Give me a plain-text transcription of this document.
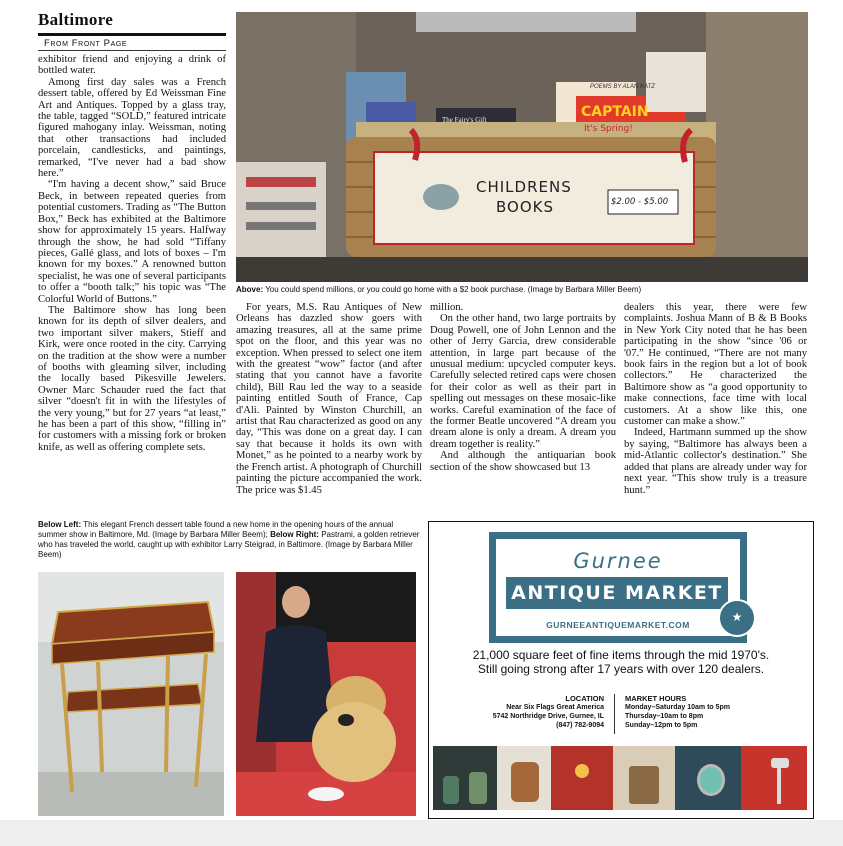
Baltimore
From Front Page

exhibitor friend and enjoying a drink of bottled water.

Among first day sales was a French dessert table, offered by Ed Weissman Fine Art and Antiques. Topped by a glass tray, the table, tagged “SOLD,” featured intricate figured mahogany inlay. Weissman, noting that other transactions had included porcelain, candlesticks, and paintings, remarked, “I've never had a bad show here.”

“I'm having a decent show,” said Bruce Beck, in between repeated queries from potential customers. Trading as “The Button Box,” Beck has exhibited at the Baltimore show for approximately 15 years. Halfway through the show, he had sold “Tiffany pieces, Gallé glass, and lots of boxes – I'm known for my boxes.” A renowned button specialist, he was one of several participants to offer a “booth talk;” his topic was “The Colorful World of Buttons.”

The Baltimore show has long been known for its depth of silver dealers, and two important silver makers, Stieff and Kirk, were once rooted in the city. Carrying on the tradition at the show were a number of booths with gleaming silver, including the locally based Pikesville Jewelers. Owner Marc Schauder rued the fact that silver “doesn't fit in with the lifestyles of the very young,” but for 27 years “at least,” he has been a part of this show, “filling in” for customers with a missing fork or broken knife, as well as offering complete sets.

CHILDRENS
BOOKS	$2.00 - $5.00
CAPTAIN
It's Spring!
The Fairy's Gift
POEMS BY ALAN KATZ
Above: You could spend millions, or you could go home with a $2 book purchase. (Image by Barbara Miller Beem)

For years, M.S. Rau Antiques of New Orleans has dazzled show goers with amazing treasures, all at the same prime spot on the floor, and this year was no exception. When pressed to select one item with the greatest “wow” factor (and after stating that you cannot have a favorite child), Bill Rau led the way to a seaside painting entitled South of France, Cap d'Ali. Painted by Winston Churchill, an artist that Rau characterized as good on any day, “This was done on a great day. I can say that because it holds its own with Monet,” as he pointed to a nearby work by the French artist. A photograph of Churchill painting the picture accompanied the work. The price was $1.45

million.

On the other hand, two large portraits by Doug Powell, one of John Lennon and the other of Jerry Garcia, drew considerable attention, in large part because of the unusual medium: upcycled computer keys. Carefully selected retired caps were chosen for their color as well as their part in spelling out messages on these mosaic-like works. Careful examination of the face of the former Beatle uncovered “A dream you dream alone is only a dream. A dream you dream together is reality.”

And although the antiquarian book section of the show showcased but 13

dealers this year, there were few complaints. Joshua Mann of B & B Books in New York City noted that he has been participating in the show “since '06 or '07.” He continued, “There are not many book fairs in the region but a lot of book collectors.” He characterized the Baltimore show as “a good opportunity to make connections, face time with local customers. At a show like this, one customer can make a show.”

Indeed, Hartmann summed up the show by saying, “Baltimore has always been a mid-Atlantic collector's destination.” She added that plans are already under way for next year. “This show truly is a treasure hunt.”

Below Left: This elegant French dessert table found a new home in the opening hours of the annual summer show in Baltimore, Md. (Image by Barbara Miller Beem); Below Right: Pastrami, a golden retriever who has traveled the world, caught up with exhibitor Larry Steigrad, in Baltimore. (Image by Barbara Miller Beem)	Gurnee
ANTIQUE MARKET
GURNEEANTIQUEMARKET.COM
★
21,000 square feet of fine items through the mid 1970's.
Still going strong after 17 years with over 120 dealers.
LOCATION
Near Six Flags Great America
5742 Northridge Drive, Gurnee, IL
(847) 782-9094
MARKET HOURS
Monday–Saturday 10am to 5pm
Thursday–10am to 8pm
Sunday–12pm to 5pm
